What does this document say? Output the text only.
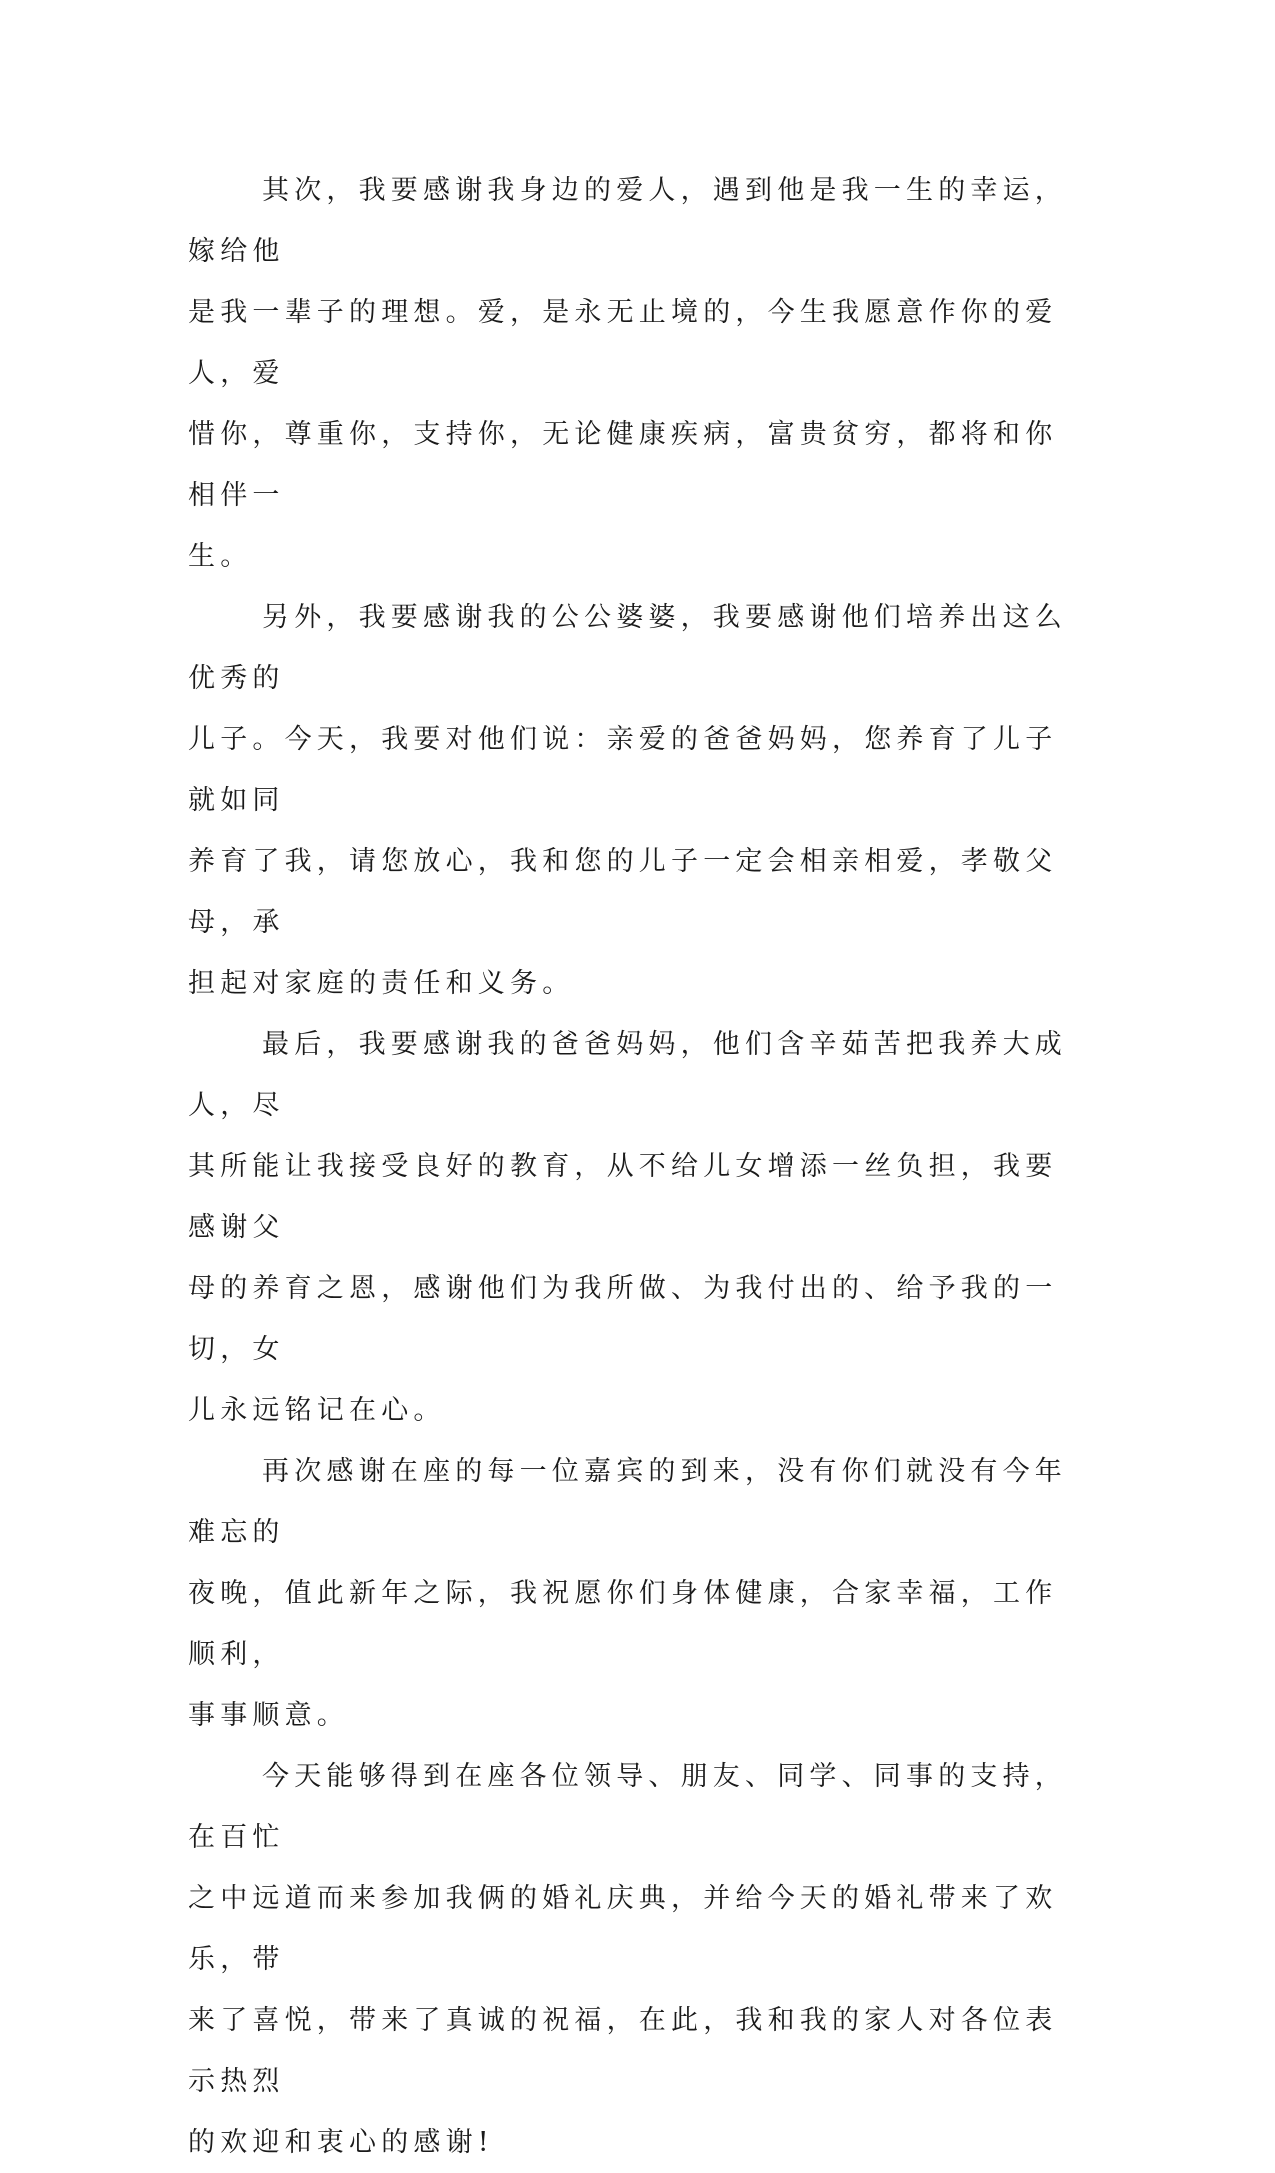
其次，我要感谢我身边的爱人，遇到他是我一生的幸运，嫁给他
是我一辈子的理想。爱，是永无止境的，今生我愿意作你的爱人，爱
惜你，尊重你，支持你，无论健康疾病，富贵贫穷，都将和你相伴一
生。

另外，我要感谢我的公公婆婆，我要感谢他们培养出这么优秀的
儿子。今天，我要对他们说：亲爱的爸爸妈妈，您养育了儿子就如同
养育了我，请您放心，我和您的儿子一定会相亲相爱，孝敬父母，承
担起对家庭的责任和义务。

最后，我要感谢我的爸爸妈妈，他们含辛茹苦把我养大成人，尽
其所能让我接受良好的教育，从不给儿女增添一丝负担，我要感谢父
母的养育之恩，感谢他们为我所做、为我付出的、给予我的一切，女
儿永远铭记在心。

再次感谢在座的每一位嘉宾的到来，没有你们就没有今年难忘的
夜晚，值此新年之际，我祝愿你们身体健康，合家幸福，工作顺利，
事事顺意。

今天能够得到在座各位领导、朋友、同学、同事的支持，在百忙
之中远道而来参加我俩的婚礼庆典，并给今天的婚礼带来了欢乐，带
来了喜悦，带来了真诚的祝福，在此，我和我的家人对各位表示热烈
的欢迎和衷心的感谢!
